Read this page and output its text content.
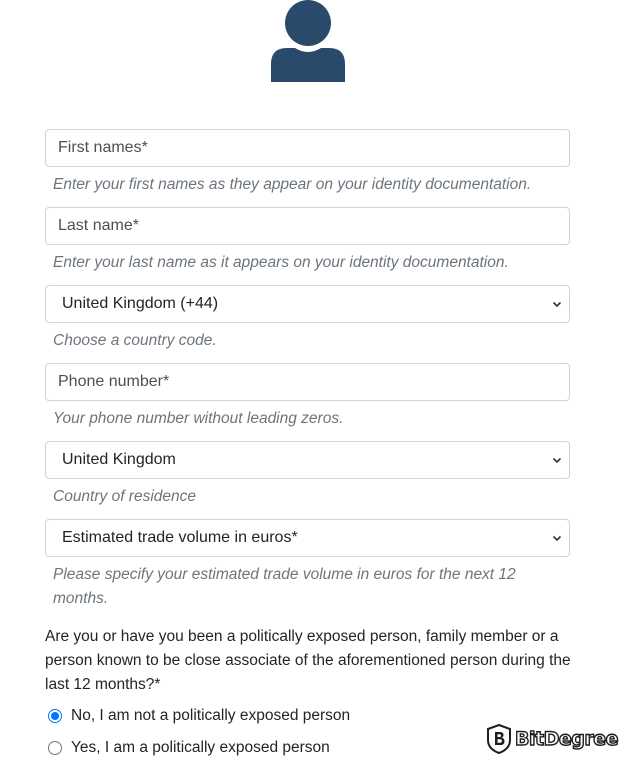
First names*
Enter your first names as they appear on your identity documentation.
Last name*
Enter your last name as it appears on your identity documentation.
United Kingdom (+44)
Choose a country code.
Phone number*
Your phone number without leading zeros.
United Kingdom
Country of residence
Estimated trade volume in euros*
Please specify your estimated trade volume in euros for the next 12 months.
Are you or have you been a politically exposed person, family member or a person known to be close associate of the aforementioned person during the last 12 months?*
No, I am not a politically exposed person
Yes, I am a politically exposed person	BitDegree
